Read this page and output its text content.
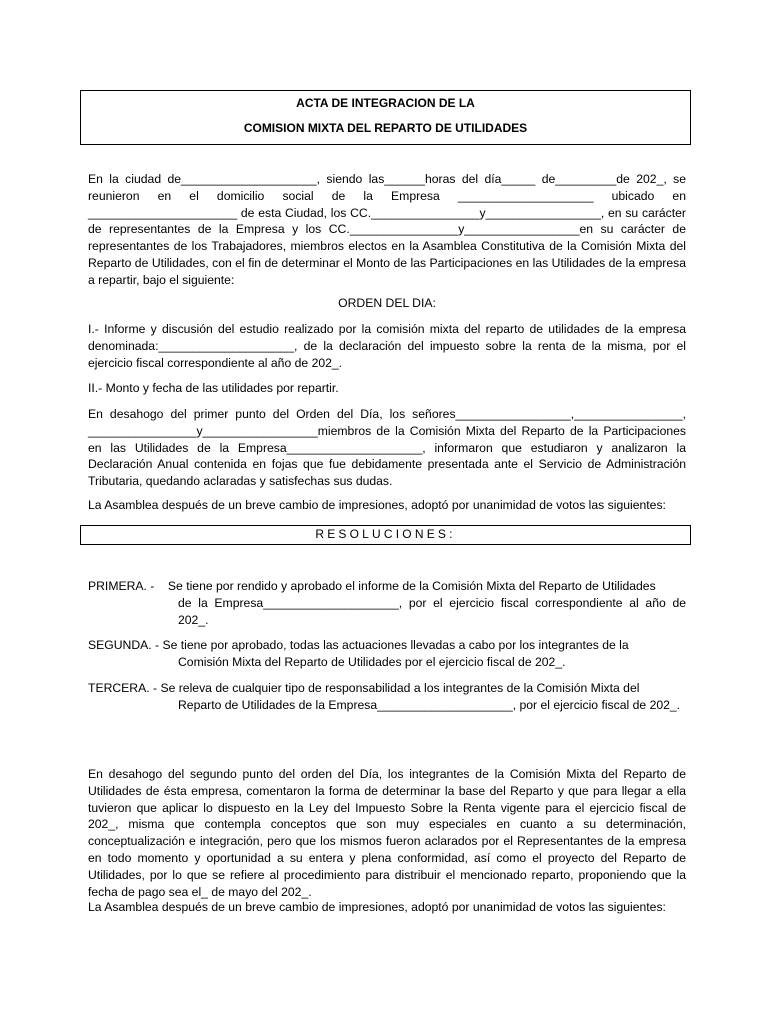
ACTA DE INTEGRACION DE LA
COMISION MIXTA DEL REPARTO DE UTILIDADES

En la ciudad de____________________, siendo las______horas del día_____ de_________de 202_, se reunieron en el domicilio social de la Empresa ____________________ ubicado en ______________________ de esta Ciudad, los CC.________________y_________________, en su carácter de representantes de la Empresa y los CC.________________y_________________en su carácter de representantes de los Trabajadores, miembros electos en la Asamblea Constitutiva de la Comisión Mixta del Reparto de Utilidades, con el fin de determinar el Monto de las Participaciones en las Utilidades de la empresa a repartir, bajo el siguiente:

ORDEN DEL DIA:

I.- Informe y discusión del estudio realizado por la comisión mixta del reparto de utilidades de la empresa denominada:____________________, de la declaración del impuesto sobre la renta de la misma, por el ejercicio fiscal correspondiente al año de 202_.

II.- Monto y fecha de las utilidades por repartir.

En desahogo del primer punto del Orden del Día, los señores_________________,________________, ________________y_________________miembros de la Comisión Mixta del Reparto de la Participaciones en las Utilidades de la Empresa____________________, informaron que estudiaron y analizaron la Declaración Anual contenida en fojas que fue debidamente presentada ante el Servicio de Administración Tributaria, quedando aclaradas y satisfechas sus dudas.

La Asamblea después de un breve cambio de impresiones, adoptó por unanimidad de votos las siguientes:

RESOLUCIONES:
PRIMERA. -    Se tiene por rendido y aprobado el informe de la Comisión Mixta del Reparto de Utilidades
de la Empresa____________________, por el ejercicio fiscal correspondiente al año de 202_.
SEGUNDA. - Se tiene por aprobado, todas las actuaciones llevadas a cabo por los integrantes de la
Comisión Mixta del Reparto de Utilidades por el ejercicio fiscal de 202_.
TERCERA. - Se releva de cualquier tipo de responsabilidad a los integrantes de la Comisión Mixta del
Reparto de Utilidades de la Empresa____________________, por el ejercicio fiscal de 202_.

En desahogo del segundo punto del orden del Día, los integrantes de la Comisión Mixta del Reparto de Utilidades de ésta empresa, comentaron la forma de determinar la base del Reparto y que para llegar a ella tuvieron que aplicar lo dispuesto en la Ley del Impuesto Sobre la Renta vigente para el ejercicio fiscal de 202_, misma que contempla conceptos que son muy especiales en cuanto a su determinación, conceptualización e integración, pero que los mismos fueron aclarados por el Representantes de la empresa en todo momento y oportunidad a su entera y plena conformidad, así como el proyecto del Reparto de Utilidades, por lo que se refiere al procedimiento para distribuir el mencionado reparto, proponiendo que la fecha de pago sea el_ de mayo del 202_.

La Asamblea después de un breve cambio de impresiones, adoptó por unanimidad de votos las siguientes:
